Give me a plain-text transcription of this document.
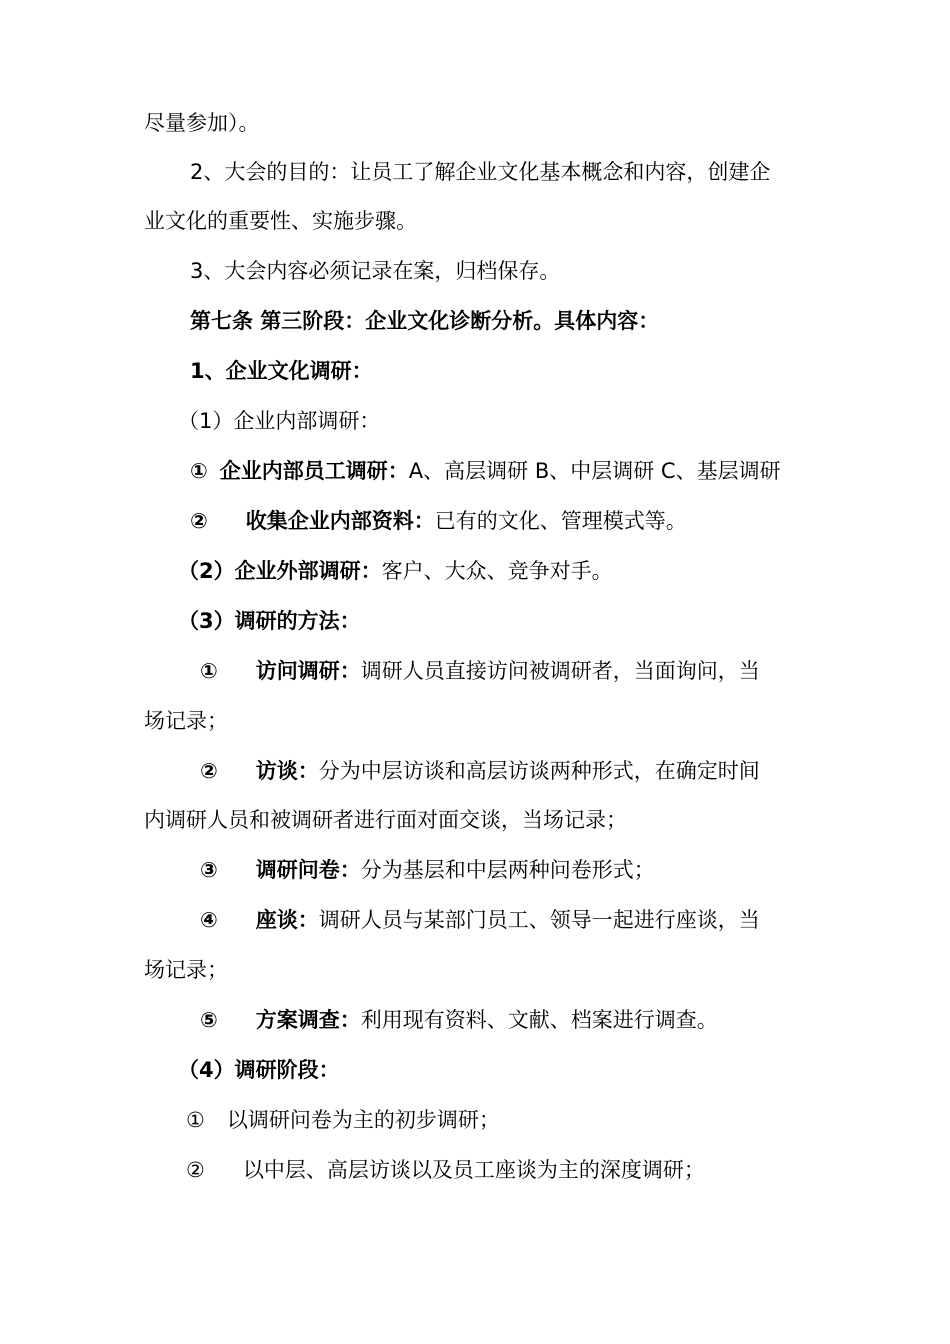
尽量参加）。
2、大会的目的：让员工了解企业文化基本概念和内容，创建企
业文化的重要性、实施步骤。
3、大会内容必须记录在案，归档保存。
第七条 第三阶段：企业文化诊断分析。具体内容：
1、企业文化调研：
（1）企业内部调研：
① 企业内部员工调研：A、高层调研 B、中层调研 C、基层调研
② 收集企业内部资料：已有的文化、管理模式等。
（2）企业外部调研：客户、大众、竞争对手。
（3）调研的方法：
① 访问调研：调研人员直接访问被调研者，当面询问，当
场记录；
② 访谈：分为中层访谈和高层访谈两种形式，在确定时间
内调研人员和被调研者进行面对面交谈，当场记录；
③ 调研问卷：分为基层和中层两种问卷形式；
④ 座谈：调研人员与某部门员工、领导一起进行座谈，当
场记录；
⑤ 方案调查：利用现有资料、文献、档案进行调查。
（4）调研阶段：
① 以调研问卷为主的初步调研；
② 以中层、高层访谈以及员工座谈为主的深度调研；
